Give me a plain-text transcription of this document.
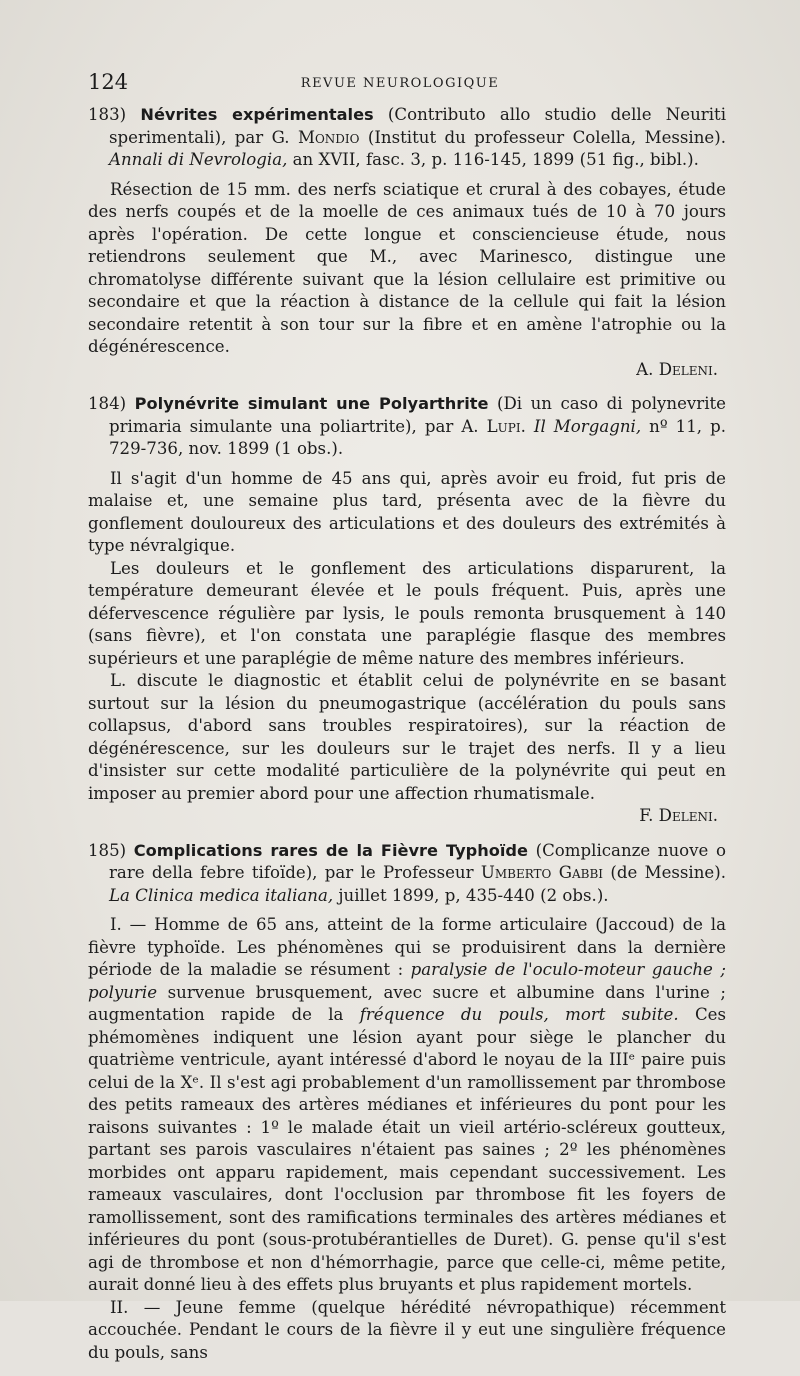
124	REVUE NEUROLOGIQUE

183) Névrites expérimentales (Contributo allo studio delle Neuriti sperimentali), par G. Mondio (Institut du professeur Colella, Messine). Annali di Nevrologia, an XVII, fasc. 3, p. 116-145, 1899 (51 fig., bibl.).

Résection de 15 mm. des nerfs sciatique et crural à des cobayes, étude des nerfs coupés et de la moelle de ces animaux tués de 10 à 70 jours après l'opération. De cette longue et consciencieuse étude, nous retiendrons seulement que M., avec Marinesco, distingue une chromatolyse différente suivant que la lésion cellulaire est primitive ou secondaire et que la réaction à distance de la cellule qui fait la lésion secondaire retentit à son tour sur la fibre et en amène l'atrophie ou la dégénérescence.

A. Deleni.

184) Polynévrite simulant une Polyarthrite (Di un caso di polynevrite primaria simulante una poliartrite), par A. Lupi. Il Morgagni, nº 11, p. 729-736, nov. 1899 (1 obs.).

Il s'agit d'un homme de 45 ans qui, après avoir eu froid, fut pris de malaise et, une semaine plus tard, présenta avec de la fièvre du gonflement douloureux des articulations et des douleurs des extrémités à type névralgique.

Les douleurs et le gonflement des articulations disparurent, la température demeurant élevée et le pouls fréquent. Puis, après une défervescence régulière par lysis, le pouls remonta brusquement à 140 (sans fièvre), et l'on constata une paraplégie flasque des membres supérieurs et une paraplégie de même nature des membres inférieurs.

L. discute le diagnostic et établit celui de polynévrite en se basant surtout sur la lésion du pneumogastrique (accélération du pouls sans collapsus, d'abord sans troubles respiratoires), sur la réaction de dégénérescence, sur les douleurs sur le trajet des nerfs. Il y a lieu d'insister sur cette modalité particulière de la polynévrite qui peut en imposer au premier abord pour une affection rhumatismale.

F. Deleni.

185) Complications rares de la Fièvre Typhoïde (Complicanze nuove o rare della febre tifoïde), par le Professeur Umberto Gabbi (de Messine). La Clinica medica italiana, juillet 1899, p, 435-440 (2 obs.).

I. — Homme de 65 ans, atteint de la forme articulaire (Jaccoud) de la fièvre typhoïde. Les phénomènes qui se produisirent dans la dernière période de la maladie se résument : paralysie de l'oculo-moteur gauche ; polyurie survenue brusquement, avec sucre et albumine dans l'urine ; augmentation rapide de la fréquence du pouls, mort subite. Ces phémomènes indiquent une lésion ayant pour siège le plancher du quatrième ventricule, ayant intéressé d'abord le noyau de la IIIᵉ paire puis celui de la Xᵉ. Il s'est agi probablement d'un ramollissement par thrombose des petits rameaux des artères médianes et inférieures du pont pour les raisons suivantes : 1º le malade était un vieil artério-scléreux goutteux, partant ses parois vasculaires n'étaient pas saines ; 2º les phénomènes morbides ont apparu rapidement, mais cependant successivement. Les rameaux vasculaires, dont l'occlusion par thrombose fit les foyers de ramollissement, sont des ramifications terminales des artères médianes et inférieures du pont (sous-protubérantielles de Duret). G. pense qu'il s'est agi de thrombose et non d'hémorrhagie, parce que celle-ci, même petite, aurait donné lieu à des effets plus bruyants et plus rapidement mortels.

II. — Jeune femme (quelque hérédité névropathique) récemment accouchée. Pendant le cours de la fièvre il y eut une singulière fréquence du pouls, sans
